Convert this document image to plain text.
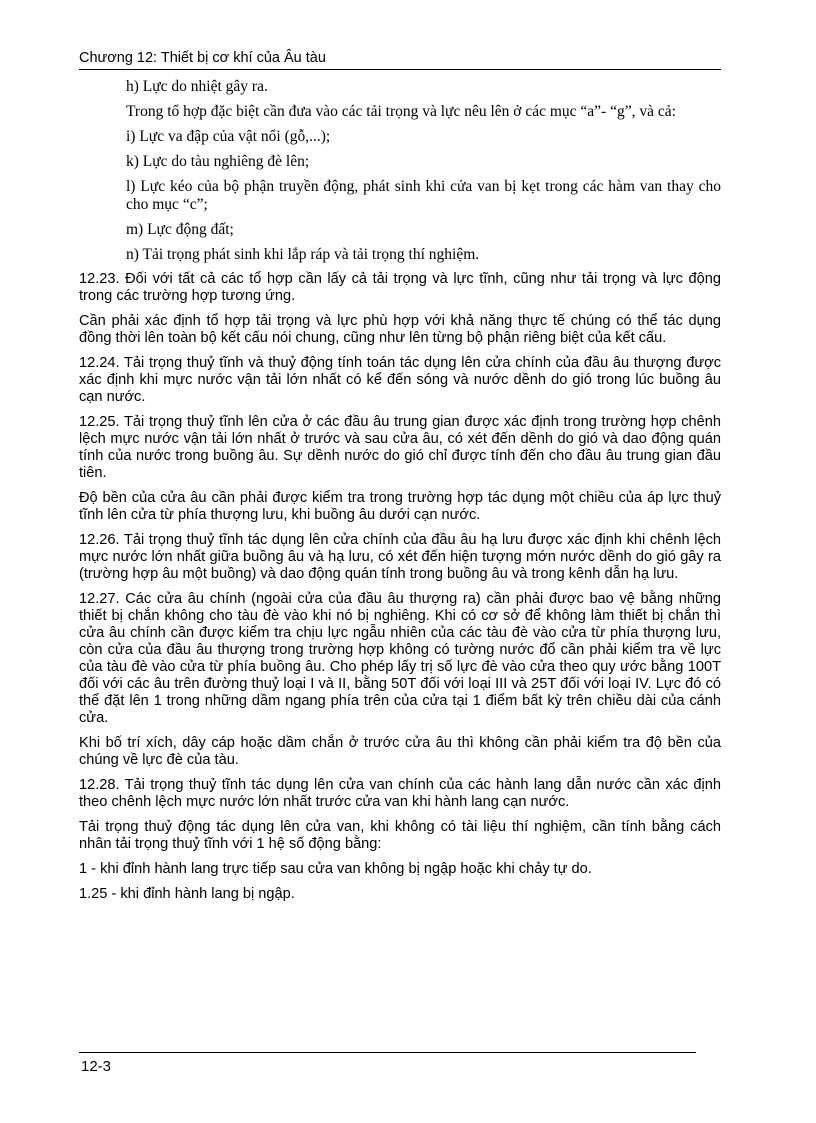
Chương 12: Thiết bị cơ khí của Âu tàu

h) Lực do nhiệt gây ra.

Trong tổ hợp đặc biệt cần đưa vào các tải trọng và lực nêu lên ở các mục “a”- “g”, và cả:

i) Lực va đập của vật nổi (gỗ,...);

k) Lực do tàu nghiêng đè lên;

l) Lực kéo của bộ phận truyền động, phát sinh khi cửa van bị kẹt trong các hàm van thay cho cho mục “c”;

m) Lực động đất;

n) Tải trọng phát sinh khi lắp ráp và tải trọng thí nghiệm.

12.23. Đối với tất cả các tổ hợp cần lấy cả tải trọng và lực tĩnh, cũng như tải trọng và lực động trong các trường hợp tương ứng.

Cần phải xác định tổ hợp tải trọng và lực phù hợp với khả năng thực tế chúng có thể tác dụng đồng thời lên toàn bộ kết cấu nói chung, cũng như lên từng bộ phận riêng biệt của kết cấu.

12.24. Tải trọng thuỷ tĩnh và thuỷ động tính toán tác dụng lên cửa chính của đầu âu thượng được xác định khi mực nước vận tải lớn nhất có kể đến sóng và nước dềnh do gió trong lúc buồng âu cạn nước.

12.25. Tải trọng thuỷ tĩnh lên cửa ở các đầu âu trung gian được xác định trong trường hợp chênh lệch mực nước vận tải lớn nhất ở trước và sau cửa âu, có xét đến dềnh do gió và dao động quán tính của nước trong buồng âu. Sự dềnh nước do gió chỉ được tính đến cho đầu âu trung gian đầu tiên.

Độ bền của cửa âu cần phải được kiểm tra trong trường hợp tác dụng một chiều của áp lực thuỷ tĩnh lên cửa từ phía thượng lưu, khi buồng âu dưới cạn nước.

12.26. Tải trọng thuỷ tĩnh tác dụng lên cửa chính của đầu âu hạ lưu được xác định khi chênh lệch mực nước lớn nhất giữa buồng âu và hạ lưu, có xét đến hiện tượng mớn nước dềnh do gió gây ra (trường hợp âu một buồng) và dao động quán tính trong buồng âu và trong kênh dẫn hạ lưu.

12.27. Các cửa âu chính (ngoài cửa của đầu âu thượng ra) cần phải được bao vệ bằng những thiết bị chắn không cho tàu đè vào khi nó bị nghiêng. Khi có cơ sở để không làm thiết bị chắn thì cửa âu chính cần được kiểm tra chịu lực ngẫu nhiên của các tàu đè vào cửa từ phía thượng lưu, còn cửa của đầu âu thượng trong trường hợp không có tường nước đổ cần phải kiểm tra về lực của tàu đè vào cửa từ phía buồng âu. Cho phép lấy trị số lực đè vào cửa theo quy ước bằng 100T đối với các âu trên đường thuỷ loại I và II, bằng 50T đối với loại III và 25T đối với loại IV. Lực đó có thể đặt lên 1 trong những dầm ngang phía trên của cửa tại 1 điểm bất kỳ trên chiều dài của cánh cửa.

Khi bố trí xích, dây cáp hoặc dầm chắn ở trước cửa âu thì không cần phải kiểm tra độ bền của chúng về lực đè của tàu.

12.28. Tải trọng thuỷ tĩnh tác dụng lên cửa van chính của các hành lang dẫn nước cần xác định theo chênh lệch mực nước lớn nhất trước cửa van khi hành lang cạn nước.

Tải trọng thuỷ động tác dụng lên cửa van, khi không có tài liệu thí nghiệm, cần tính bằng cách nhân tải trọng thuỷ tĩnh với 1 hệ số động bằng:

1 - khi đỉnh hành lang trực tiếp sau cửa van không bị ngập hoặc khi chảy tự do.

1.25 - khi đỉnh hành lang bị ngập.

12-3
